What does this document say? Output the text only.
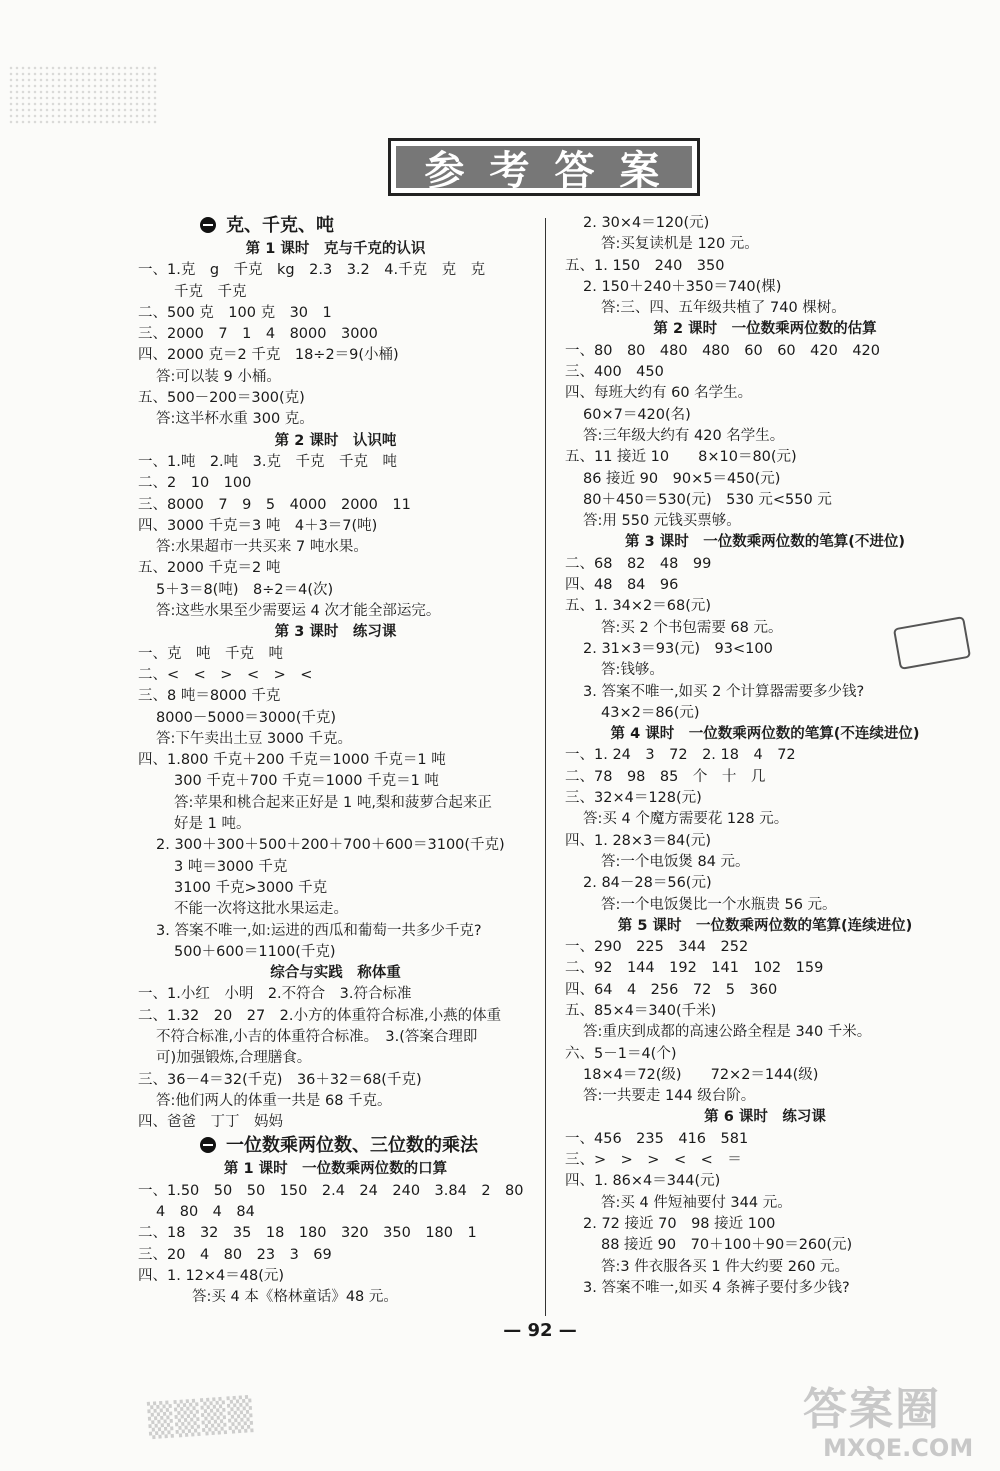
参 考 答 案
克、千克、吨
第 1 课时　克与千克的认识
一、1.克　g　千克　kg　2.3　3.2　4.千克　克　克
千克　千克
二、500 克　100 克　30　1
三、2000　7　1　4　8000　3000
四、2000 克＝2 千克　18÷2＝9(小桶)
答:可以装 9 小桶。
五、500－200＝300(克)
答:这半杯水重 300 克。
第 2 课时　认识吨
一、1.吨　2.吨　3.克　千克　千克　吨
二、2　10　100
三、8000　7　9　5　4000　2000　11
四、3000 千克＝3 吨　4＋3＝7(吨)
答:水果超市一共买来 7 吨水果。
五、2000 千克＝2 吨
5＋3＝8(吨)　8÷2＝4(次)
答:这些水果至少需要运 4 次才能全部运完。
第 3 课时　练习课
一、克　吨　千克　吨
二、<　<　>　<　>　<
三、8 吨＝8000 千克
8000－5000＝3000(千克)
答:下午卖出土豆 3000 千克。
四、1.800 千克＋200 千克＝1000 千克＝1 吨
300 千克＋700 千克＝1000 千克＝1 吨
答:苹果和桃合起来正好是 1 吨,梨和菠萝合起来正
好是 1 吨。
2. 300＋300＋500＋200＋700＋600＝3100(千克)
3 吨＝3000 千克
3100 千克>3000 千克
不能一次将这批水果运走。
3. 答案不唯一,如:运进的西瓜和葡萄一共多少千克?
500＋600＝1100(千克)
综合与实践　称体重
一、1.小红　小明　2.不符合　3.符合标准
二、1.32　20　27　2.小方的体重符合标准,小燕的体重
不符合标准,小吉的体重符合标准。　3.(答案合理即
可)加强锻炼,合理膳食。
三、36－4＝32(千克)　36＋32＝68(千克)
答:他们两人的体重一共是 68 千克。
四、爸爸　丁丁　妈妈
一位数乘两位数、三位数的乘法
第 1 课时　一位数乘两位数的口算
一、1.50　50　50　150　2.4　24　240　3.84　2　80
4　80　4　84
二、18　32　35　18　180　320　350　180　1
三、20　4　80　23　3　69
四、1. 12×4＝48(元)
答:买 4 本《格林童话》48 元。
2. 30×4＝120(元)
答:买复读机是 120 元。
五、1. 150　240　350
2. 150＋240＋350＝740(棵)
答:三、四、五年级共植了 740 棵树。
第 2 课时　一位数乘两位数的估算
一、80　80　480　480　60　60　420　420
三、400　450
四、每班大约有 60 名学生。
60×7＝420(名)
答:三年级大约有 420 名学生。
五、11 接近 10　　8×10＝80(元)
86 接近 90　90×5＝450(元)
80＋450＝530(元)　530 元<550 元
答:用 550 元钱买票够。
第 3 课时　一位数乘两位数的笔算(不进位)
二、68　82　48　99
四、48　84　96
五、1. 34×2＝68(元)
答:买 2 个书包需要 68 元。
2. 31×3＝93(元)　93<100
答:钱够。
3. 答案不唯一,如买 2 个计算器需要多少钱?
43×2＝86(元)
第 4 课时　一位数乘两位数的笔算(不连续进位)
一、1. 24　3　72　2. 18　4　72
二、78　98　85　个　十　几
三、32×4＝128(元)
答:买 4 个魔方需要花 128 元。
四、1. 28×3＝84(元)
答:一个电饭煲 84 元。
2. 84－28＝56(元)
答:一个电饭煲比一个水瓶贵 56 元。
第 5 课时　一位数乘两位数的笔算(连续进位)
一、290　225　344　252
二、92　144　192　141　102　159
四、64　4　256　72　5　360
五、85×4＝340(千米)
答:重庆到成都的高速公路全程是 340 千米。
六、5－1＝4(个)
18×4＝72(级)　　72×2＝144(级)
答:一共要走 144 级台阶。
第 6 课时　练习课
一、456　235　416　581
三、>　>　>　<　<　＝
四、1. 86×4＝344(元)
答:买 4 件短袖要付 344 元。
2. 72 接近 70　98 接近 100
88 接近 90　70＋100＋90＝260(元)
答:3 件衣服各买 1 件大约要 260 元。
3. 答案不唯一,如买 4 条裤子要付多少钱?
— 92 —
▒▒▒▒	答案圈
MXQE.COM
